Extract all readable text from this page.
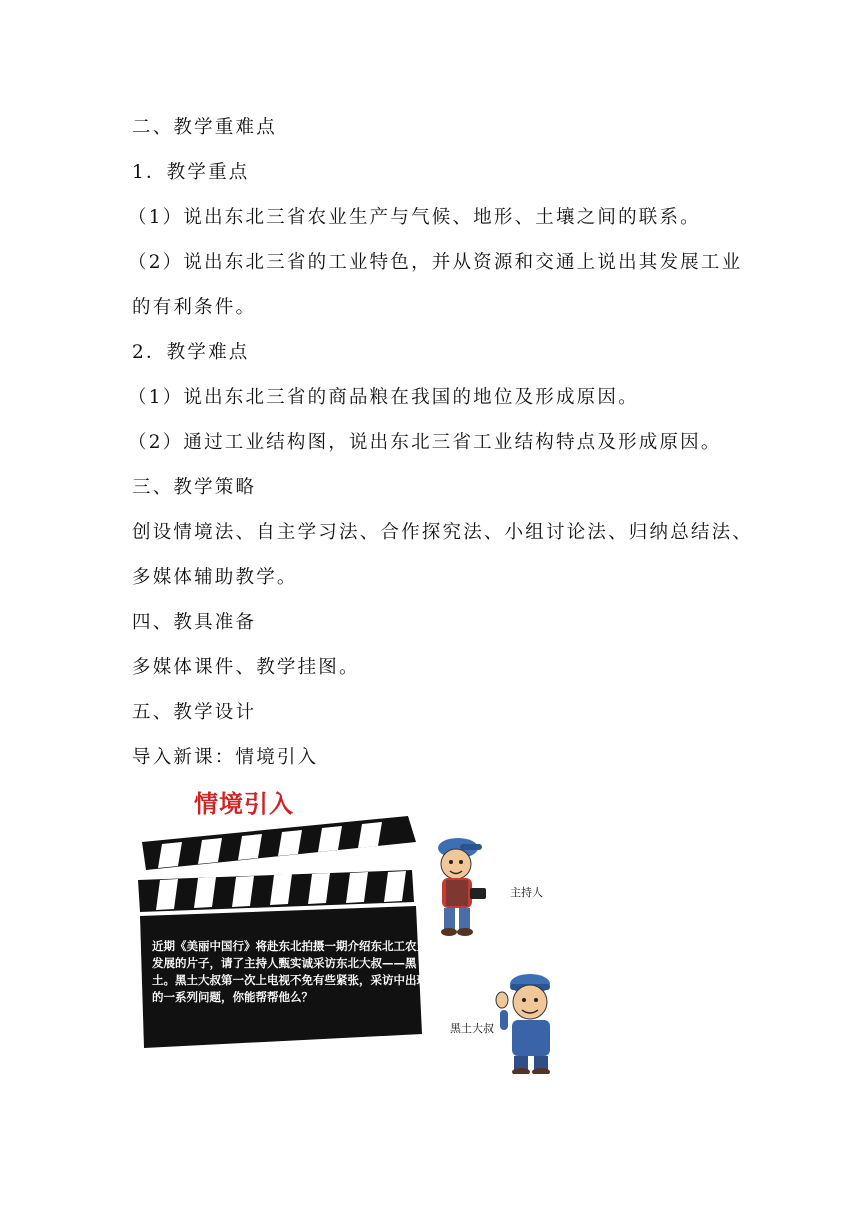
二、教学重难点
1．教学重点
（1）说出东北三省农业生产与气候、地形、土壤之间的联系。
（2）说出东北三省的工业特色，并从资源和交通上说出其发展工业
的有利条件。
2．教学难点
（1）说出东北三省的商品粮在我国的地位及形成原因。
（2）通过工业结构图，说出东北三省工业结构特点及形成原因。
三、教学策略
创设情境法、自主学习法、合作探究法、小组讨论法、归纳总结法、
多媒体辅助教学。
四、教具准备
多媒体课件、教学挂图。
五、教学设计
导入新课：情境引入
情境引入
近期《美丽中国行》将赴东北拍摄一期介绍东北工农业发展的片子，请了主持人甄实诚采访东北大叔——黑土。黑土大叔第一次上电视不免有些紧张，采访中出现的一系列问题，你能帮帮他么？
主持人
黑土大叔
